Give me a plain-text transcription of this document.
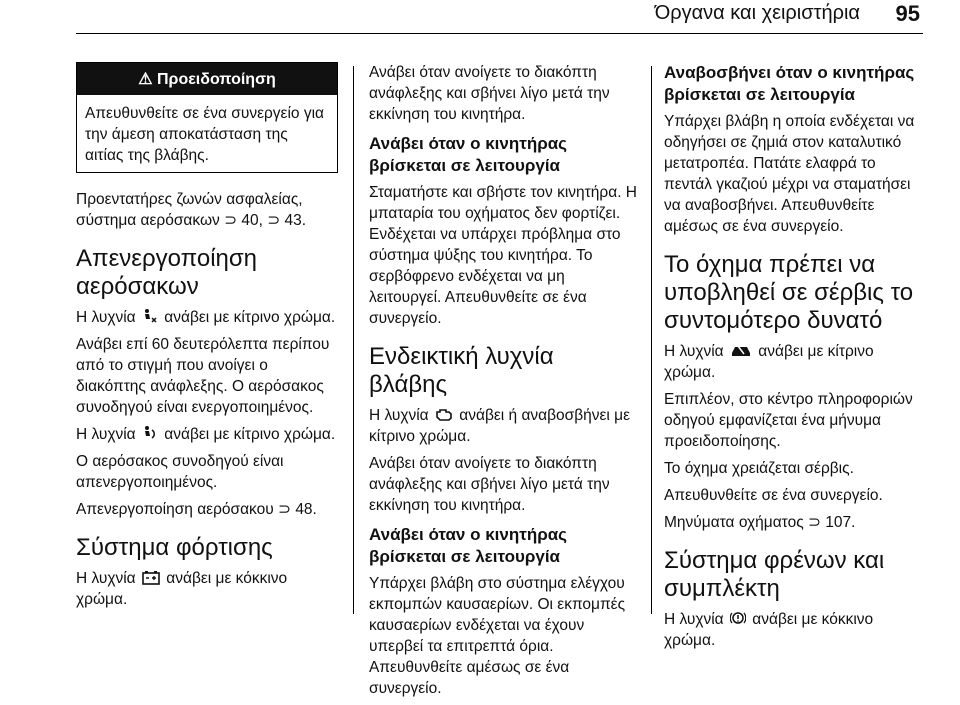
Όργανα και χειριστήρια 95
⚠ Προειδοποίηση
Απευθυνθείτε σε ένα συνεργείο για την άμεση αποκατάσταση της αιτίας της βλάβης.

Προεντατήρες ζωνών ασφαλείας, σύστημα αερόσακων ⊃ 40, ⊃ 43.

Απενεργοποίηση αερόσακων

Η λυχνία ανάβει με κίτρινο χρώμα.

Ανάβει επί 60 δευτερόλεπτα περίπου από το στιγμή που ανοίγει ο διακόπτης ανάφλεξης. Ο αερόσακος συνοδηγού είναι ενεργοποιημένος.

Η λυχνία ανάβει με κίτρινο χρώμα.

Ο αερόσακος συνοδηγού είναι απενεργοποιημένος.

Απενεργοποίηση αερόσακου ⊃ 48.

Σύστημα φόρτισης

Η λυχνία ανάβει με κόκκινο χρώμα.

Ανάβει όταν ανοίγετε το διακόπτη ανάφλεξης και σβήνει λίγο μετά την εκκίνηση του κινητήρα.

Ανάβει όταν ο κινητήρας βρίσκεται σε λειτουργία

Σταματήστε και σβήστε τον κινητήρα. Η μπαταρία του οχήματος δεν φορτίζει. Ενδέχεται να υπάρχει πρόβλημα στο σύστημα ψύξης του κινητήρα. Το σερβόφρενο ενδέχεται να μη λειτουργεί. Απευθυνθείτε σε ένα συνεργείο.

Ενδεικτική λυχνία βλάβης

Η λυχνία ανάβει ή αναβοσβήνει με κίτρινο χρώμα.

Ανάβει όταν ανοίγετε το διακόπτη ανάφλεξης και σβήνει λίγο μετά την εκκίνηση του κινητήρα.

Ανάβει όταν ο κινητήρας βρίσκεται σε λειτουργία

Υπάρχει βλάβη στο σύστημα ελέγχου εκπομπών καυσαερίων. Οι εκπομπές καυσαερίων ενδέχεται να έχουν υπερβεί τα επιτρεπτά όρια. Απευθυνθείτε αμέσως σε ένα συνεργείο.

Αναβοσβήνει όταν ο κινητήρας βρίσκεται σε λειτουργία

Υπάρχει βλάβη η οποία ενδέχεται να οδηγήσει σε ζημιά στον καταλυτικό μετατροπέα. Πατάτε ελαφρά το πεντάλ γκαζιού μέχρι να σταματήσει να αναβοσβήνει. Απευθυνθείτε αμέσως σε ένα συνεργείο.

Το όχημα πρέπει να υποβληθεί σε σέρβις το συντομότερο δυνατό

Η λυχνία ανάβει με κίτρινο χρώμα.

Επιπλέον, στο κέντρο πληροφοριών οδηγού εμφανίζεται ένα μήνυμα προειδοποίησης.

Το όχημα χρειάζεται σέρβις.

Απευθυνθείτε σε ένα συνεργείο.

Μηνύματα οχήματος ⊃ 107.

Σύστημα φρένων και συμπλέκτη

Η λυχνία ανάβει με κόκκινο χρώμα.
